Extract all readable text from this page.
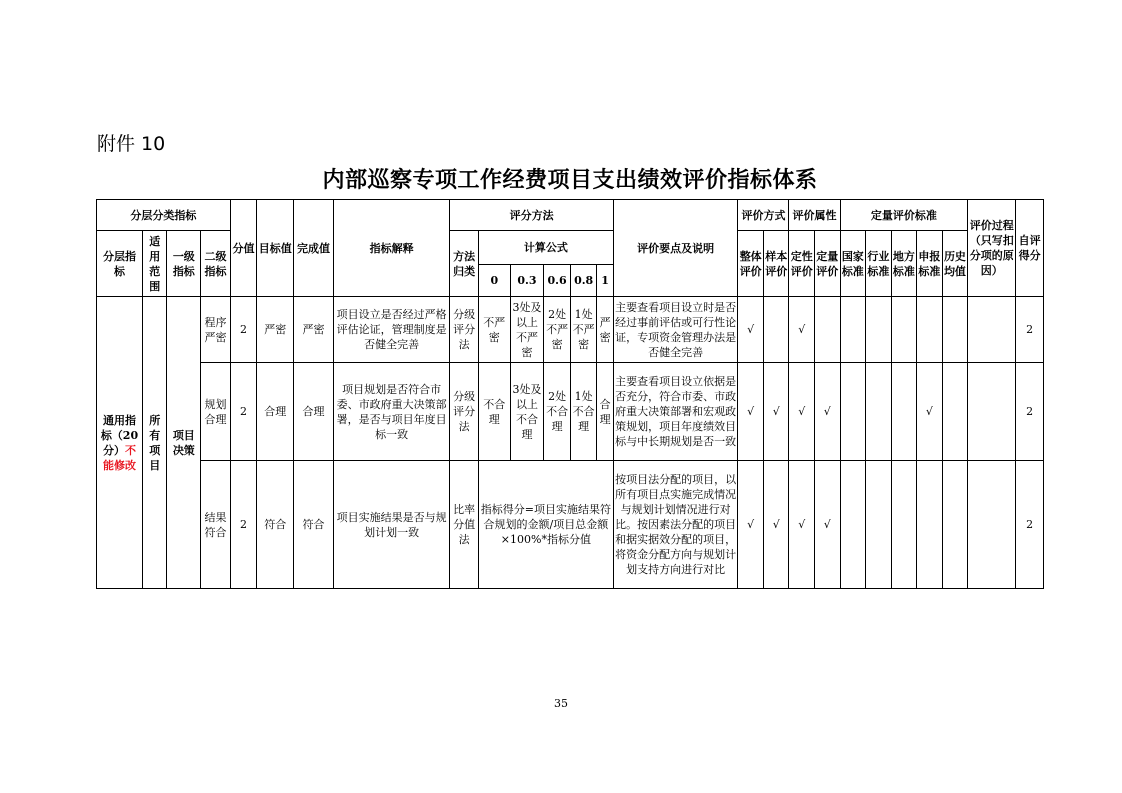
附件 10
内部巡察专项工作经费项目支出绩效评价指标体系
分层分类指标				分值	目标值	完成值	指标解释	评分方法						评价要点及说明	评价方式		评价属性		定量评价标准					评价过程（只写扣分项的原因）	自评得分
分层指标	适用范围	一级指标	二级指标					方法归类	计算公式						整体评价	样本评价	定性评价	定量评价	国家标准	行业标准	地方标准	申报标准	历史均值		
									0	0.3	0.6	0.8	1												
通用指标（20分）不能修改	所有项目	项目决策	程序严密	2	严密	严密	项目设立是否经过严格评估论证，管理制度是否健全完善	分级评分法	不严密	3处及以上不严密	2处不严密	1处不严密	严密	主要查看项目设立时是否经过事前评估或可行性论证，专项资金管理办法是否健全完善	√		√								2
			规划合理	2	合理	合理	项目规划是否符合市委、市政府重大决策部署，是否与项目年度目标一致	分级评分法	不合理	3处及以上不合理	2处不合理	1处不合理	合理	主要查看项目设立依据是否充分，符合市委、市政府重大决策部署和宏观政策规划，项目年度绩效目标与中长期规划是否一致	√	√	√	√				√			2
			结果符合	2	符合	符合	项目实施结果是否与规划计划一致	比率分值法	指标得分=项目实施结果符合规划的金额/项目总金额×100%*指标分值					按项目法分配的项目，以所有项目点实施完成情况与规划计划情况进行对比。按因素法分配的项目和据实据效分配的项目，将资金分配方向与规划计划支持方向进行对比	√	√	√	√							2
35
